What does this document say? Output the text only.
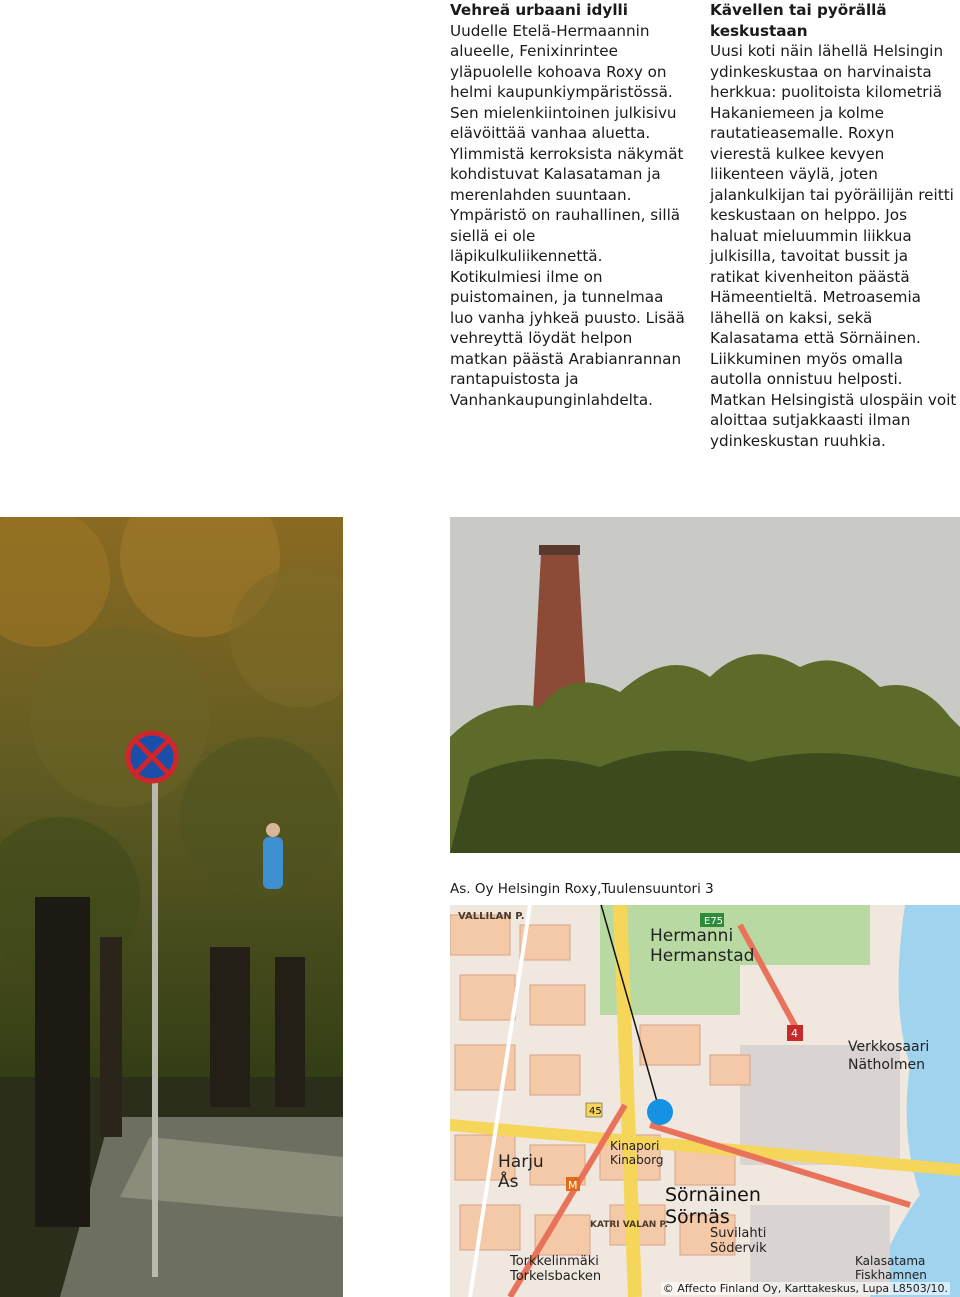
Vehreä urbaani idylli

Uudelle Etelä-Hermaannin alueelle, Fenixinrintee yläpuolelle kohoava Roxy on helmi kaupunkiympäristössä. Sen mielenkiintoinen julkisivu elävöittää vanhaa aluetta. Ylimmistä kerroksista näkymät kohdistuvat Kalasataman ja merenlahden suuntaan. Ympäristö on rauhallinen, sillä siellä ei ole läpikulkuliikennettä. Kotikulmiesi ilme on puistomainen, ja tunnelmaa luo vanha jyhkeä puusto. Lisää vehreyttä löydät helpon matkan päästä Arabianrannan rantapuistosta ja Vanhankaupunginlahdelta.

Kävellen tai pyörällä keskustaan

Uusi koti näin lähellä Helsingin ydinkeskustaa on harvinaista herkkua: puolitoista kilometriä Hakaniemeen ja kolme rautatieasemalle. Roxyn vierestä kulkee kevyen liikenteen väylä, joten jalankulkijan tai pyöräilijän reitti keskustaan on helppo. Jos haluat mieluummin liikkua julkisilla, tavoitat bussit ja ratikat kivenheiton päästä Hämeentieltä. Metroasemia lähellä on kaksi, sekä Kalasatama että Sörnäinen. Liikkuminen myös omalla autolla onnistuu helposti. Matkan Helsingistä ulospäin voit aloittaa sutjakkaasti ilman ydinkeskustan ruuhkia.

As. Oy Helsingin Roxy,Tuulensuuntori 3
E75
45
4
M
VALLILAN P.
Hermanni
Hermanstad
Verkkosaari
Nätholmen
Harju
Ås
Kinapori
Kinaborg
Sörnäinen
Sörnäs
Suvilahti
Södervik
KATRI VALAN P.
Torkkelinmäki
Torkelsbacken
Kalasatama
Fiskhamnen
© Affecto Finland Oy, Karttakeskus, Lupa L8503/10.
